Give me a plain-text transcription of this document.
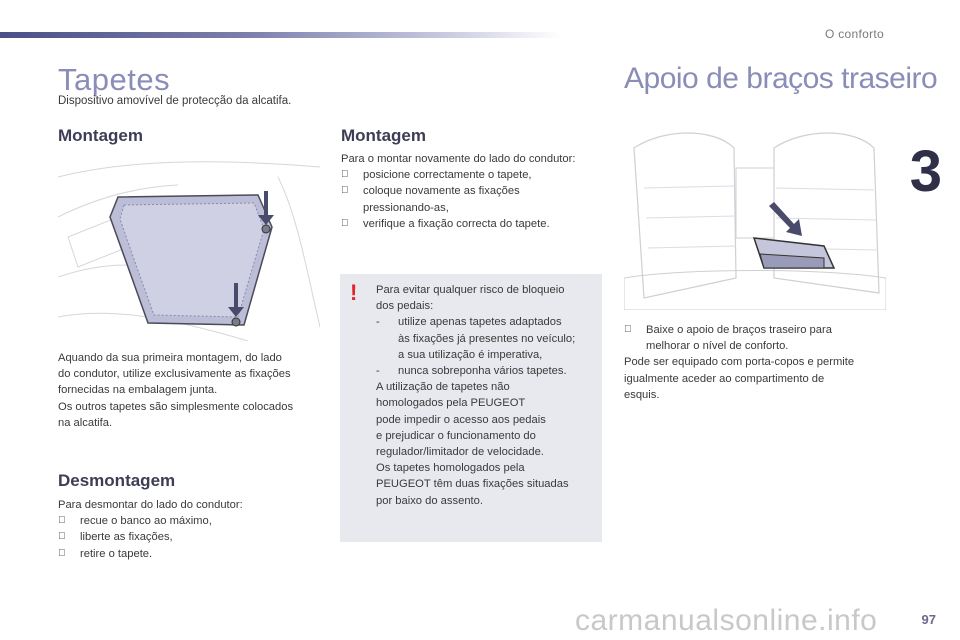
O conforto
3
Tapetes
Dispositivo amovível de protecção da alcatifa.
Montagem
Aquando da sua primeira montagem, do lado
do condutor, utilize exclusivamente as fixações
fornecidas na embalagem junta.
Os outros tapetes são simplesmente colocados
na alcatifa.
Desmontagem
Para desmontar do lado do condutor:
recue o banco ao máximo,
liberte as fixações,
retire o tapete.
Montagem
Para o montar novamente do lado do condutor:
posicione correctamente o tapete,
coloque novamente as fixações
pressionando-as,
verifique a fixação correcta do tapete.
! Para evitar qualquer risco de bloqueio
dos pedais:
-	utilize apenas tapetes adaptados
às fixações já presentes no veículo;
a sua utilização é imperativa,
-	nunca sobreponha vários tapetes.
A utilização de tapetes não
homologados pela PEUGEOT
pode impedir o acesso aos pedais
e prejudicar o funcionamento do
regulador/limitador de velocidade.
Os tapetes homologados pela
PEUGEOT têm duas fixações situadas
por baixo do assento.
Apoio de braços traseiro
Baixe o apoio de braços traseiro para
melhorar o nível de conforto.
Pode ser equipado com porta-copos e permite
igualmente aceder ao compartimento de
esquis.
carmanualsonline.info	97
